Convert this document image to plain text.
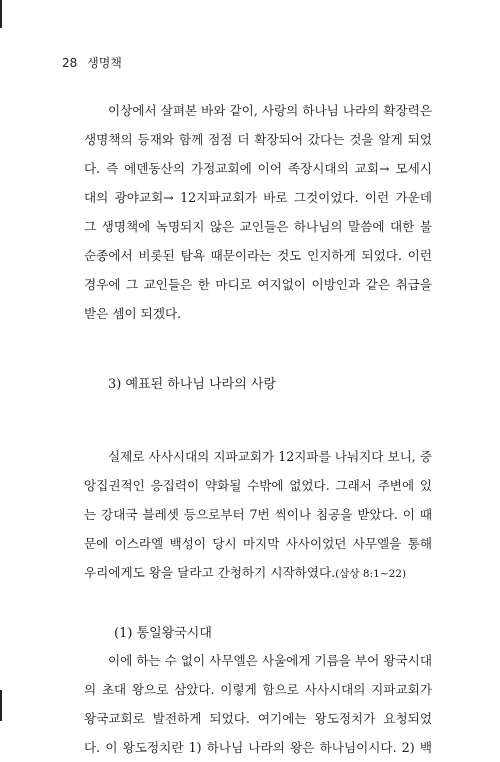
28 생명책
이상에서 살펴본 바와 같이, 사랑의 하나님 나라의 확장력은
생명책의 등재와 함께 점점 더 확장되어 갔다는 것을 알게 되었
다. 즉 에덴동산의 가정교회에 이어 족장시대의 교회→ 모세시
대의 광야교회→ 12지파교회가 바로 그것이었다. 이런 가운데
그 생명책에 녹명되지 않은 교인들은 하나님의 말씀에 대한 불
순종에서 비롯된 탐욕 때문이라는 것도 인지하게 되었다. 이런
경우에 그 교인들은 한 마디로 여지없이 이방인과 같은 취급을
받은 셈이 되겠다.
3) 예표된 하나님 나라의 사랑
실제로 사사시대의 지파교회가 12지파를 나눠지다 보니, 중
앙집권적인 응집력이 약화될 수밖에 없었다. 그래서 주변에 있
는 강대국 블레셋 등으로부터 7번 씩이나 침공을 받았다. 이 때
문에 이스라엘 백성이 당시 마지막 사사이었던 사무엘을 통해
우리에게도 왕을 달라고 간청하기 시작하였다.(삼상 8:1~22)
(1) 통일왕국시대
이에 하는 수 없이 사무엘은 사울에게 기름을 부어 왕국시대
의 초대 왕으로 삼았다. 이렇게 함으로 사사시대의 지파교회가
왕국교회로 발전하게 되었다. 여기에는 왕도정치가 요청되었
다. 이 왕도정치란 1) 하나님 나라의 왕은 하나님이시다. 2) 백
